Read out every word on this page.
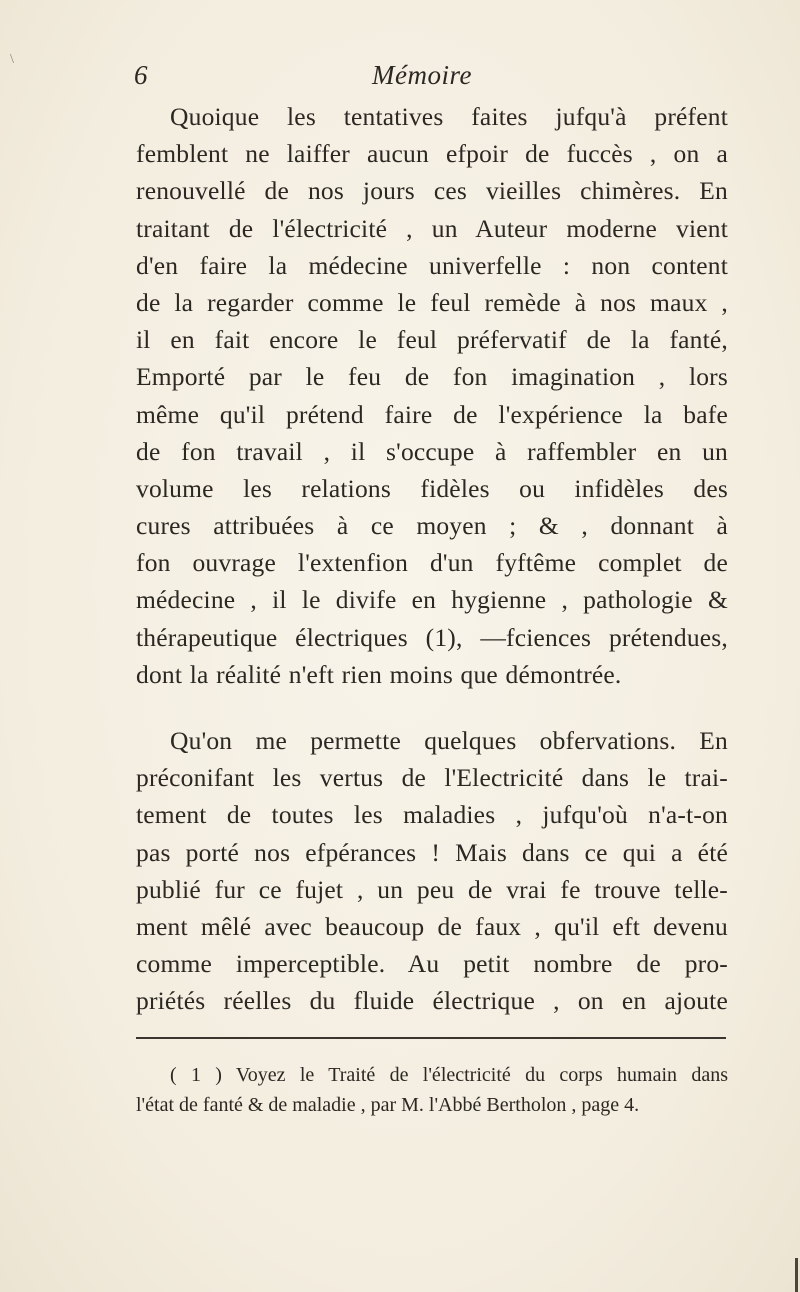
\
6	Mémoire
Quoique les tentatives faites jufqu'à préfent
femblent ne laiffer aucun efpoir de fuccès , on a
renouvellé de nos jours ces vieilles chimères. En
traitant de l'électricité , un Auteur moderne vient
d'en faire la médecine univerfelle : non content
de la regarder comme le feul remède à nos maux ,
il en fait encore le feul préfervatif de la fanté,
Emporté par le feu de fon imagination , lors
même qu'il prétend faire de l'expérience la bafe
de fon travail , il s'occupe à raffembler en un
volume les relations fidèles ou infidèles des
cures attribuées à ce moyen ; & , donnant à
fon ouvrage l'extenfion d'un fyftême complet de
médecine , il le divife en hygienne , pathologie &
thérapeutique électriques (1), —fciences prétendues,
dont la réalité n'eft rien moins que démontrée.
Qu'on me permette quelques obfervations. En
préconifant les vertus de l'Electricité dans le trai-
tement de toutes les maladies , jufqu'où n'a-t-on
pas porté nos efpérances ! Mais dans ce qui a été
publié fur ce fujet , un peu de vrai fe trouve telle-
ment mêlé avec beaucoup de faux , qu'il eft devenu
comme imperceptible. Au petit nombre de pro-
priétés réelles du fluide électrique , on en ajoute
( 1 ) Voyez le Traité de l'électricité du corps humain dans
l'état de fanté & de maladie , par M. l'Abbé Bertholon , page 4.
